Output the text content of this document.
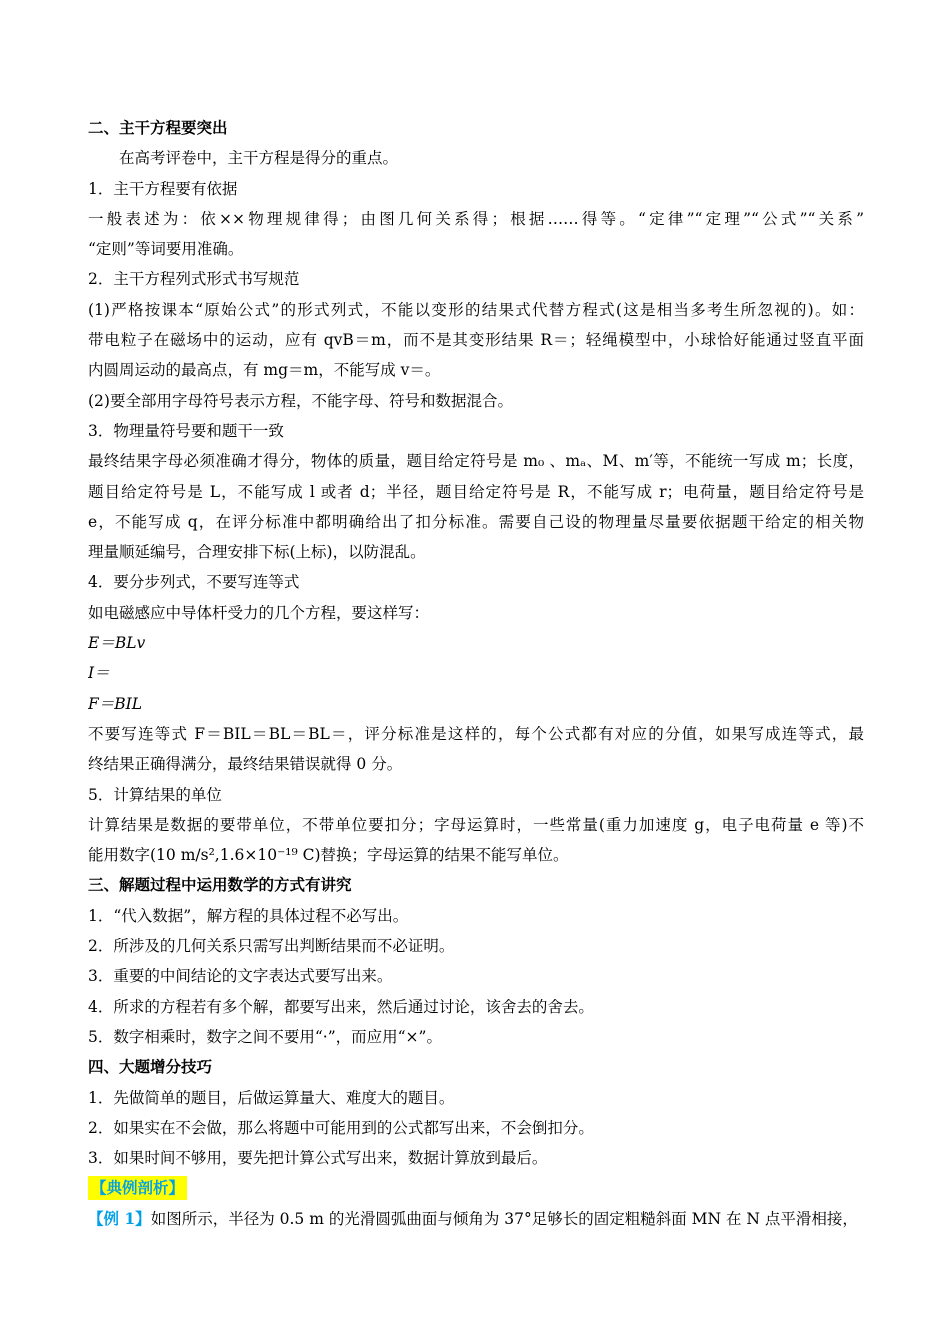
二、主干方程要突出
在高考评卷中，主干方程是得分的重点。
1．主干方程要有依据
一般表述为：依××物理规律得；由图几何关系得；根据……得等。“定律”“定理”“公式”“关系”
“定则”等词要用准确。
2．主干方程列式形式书写规范
(1)严格按课本“原始公式”的形式列式，不能以变形的结果式代替方程式(这是相当多考生所忽视的)。如：
带电粒子在磁场中的运动，应有 qvB＝m，而不是其变形结果 R＝；轻绳模型中，小球恰好能通过竖直平面
内圆周运动的最高点，有 mg＝m，不能写成 v＝。
(2)要全部用字母符号表示方程，不能字母、符号和数据混合。
3．物理量符号要和题干一致
最终结果字母必须准确才得分，物体的质量，题目给定符号是 m₀ 、mₐ、M、m′等，不能统一写成 m；长度，
题目给定符号是 L，不能写成 l 或者 d；半径，题目给定符号是 R，不能写成 r；电荷量，题目给定符号是
e，不能写成 q，在评分标准中都明确给出了扣分标准。需要自己设的物理量尽量要依据题干给定的相关物
理量顺延编号，合理安排下标(上标)，以防混乱。
4．要分步列式，不要写连等式
如电磁感应中导体杆受力的几个方程，要这样写：
E＝BLv
I＝
F＝BIL
不要写连等式 F＝BIL＝BL＝BL＝，评分标准是这样的，每个公式都有对应的分值，如果写成连等式，最
终结果正确得满分，最终结果错误就得 0 分。
5．计算结果的单位
计算结果是数据的要带单位，不带单位要扣分；字母运算时，一些常量(重力加速度 g，电子电荷量 e 等)不
能用数字(10 m/s²,1.6×10⁻¹⁹ C)替换；字母运算的结果不能写单位。
三、解题过程中运用数学的方式有讲究
1．“代入数据”，解方程的具体过程不必写出。
2．所涉及的几何关系只需写出判断结果而不必证明。
3．重要的中间结论的文字表达式要写出来。
4．所求的方程若有多个解，都要写出来，然后通过讨论，该舍去的舍去。
5．数字相乘时，数字之间不要用“·”，而应用“×”。
四、大题增分技巧
1．先做简单的题目，后做运算量大、难度大的题目。
2．如果实在不会做，那么将题中可能用到的公式都写出来，不会倒扣分。
3．如果时间不够用，要先把计算公式写出来，数据计算放到最后。
【典例剖析】
【例 1】如图所示，半径为 0.5 m 的光滑圆弧曲面与倾角为 37°足够长的固定粗糙斜面 MN 在 N 点平滑相接，
